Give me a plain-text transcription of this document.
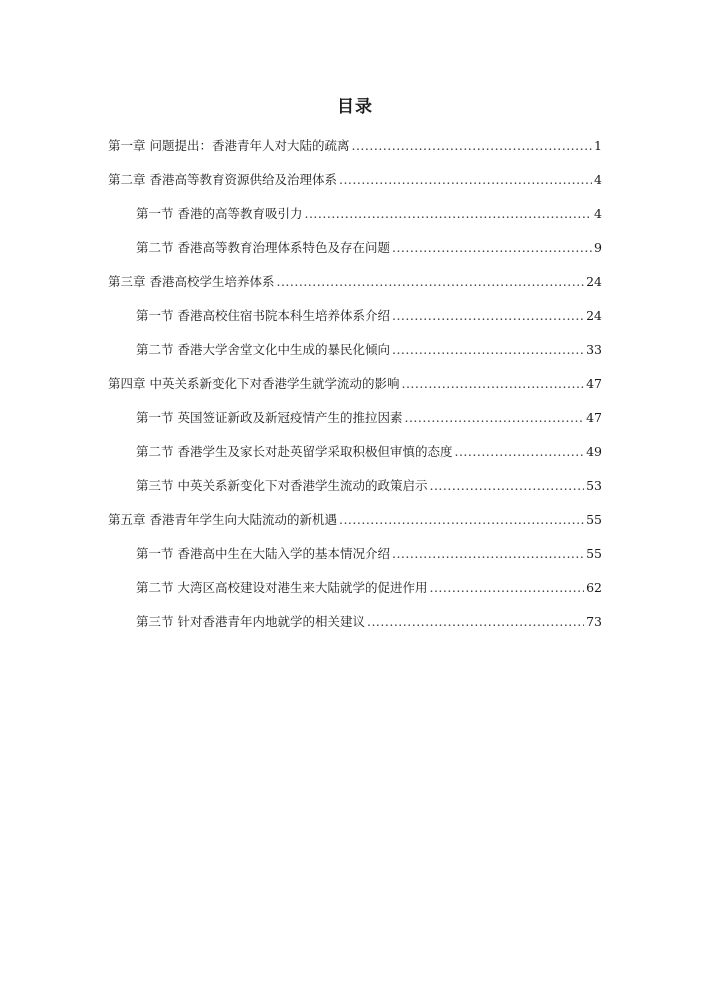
目录
第一章 问题提出：香港青年人对大陆的疏离 .....	1
第二章 香港高等教育资源供给及治理体系 .....	4
第一节 香港的高等教育吸引力 .....	4
第二节 香港高等教育治理体系特色及存在问题 .....	9
第三章 香港高校学生培养体系 .....	24
第一节 香港高校住宿书院本科生培养体系介绍 .....	24
第二节 香港大学舍堂文化中生成的暴民化倾向 .....	33
第四章 中英关系新变化下对香港学生就学流动的影响 .....	47
第一节 英国签证新政及新冠疫情产生的推拉因素 .....	47
第二节 香港学生及家长对赴英留学采取积极但审慎的态度 .....	49
第三节 中英关系新变化下对香港学生流动的政策启示 .....	53
第五章 香港青年学生向大陆流动的新机遇 .....	55
第一节 香港高中生在大陆入学的基本情况介绍 .....	55
第二节 大湾区高校建设对港生来大陆就学的促进作用 .....	62
第三节 针对香港青年内地就学的相关建议 .....	73
